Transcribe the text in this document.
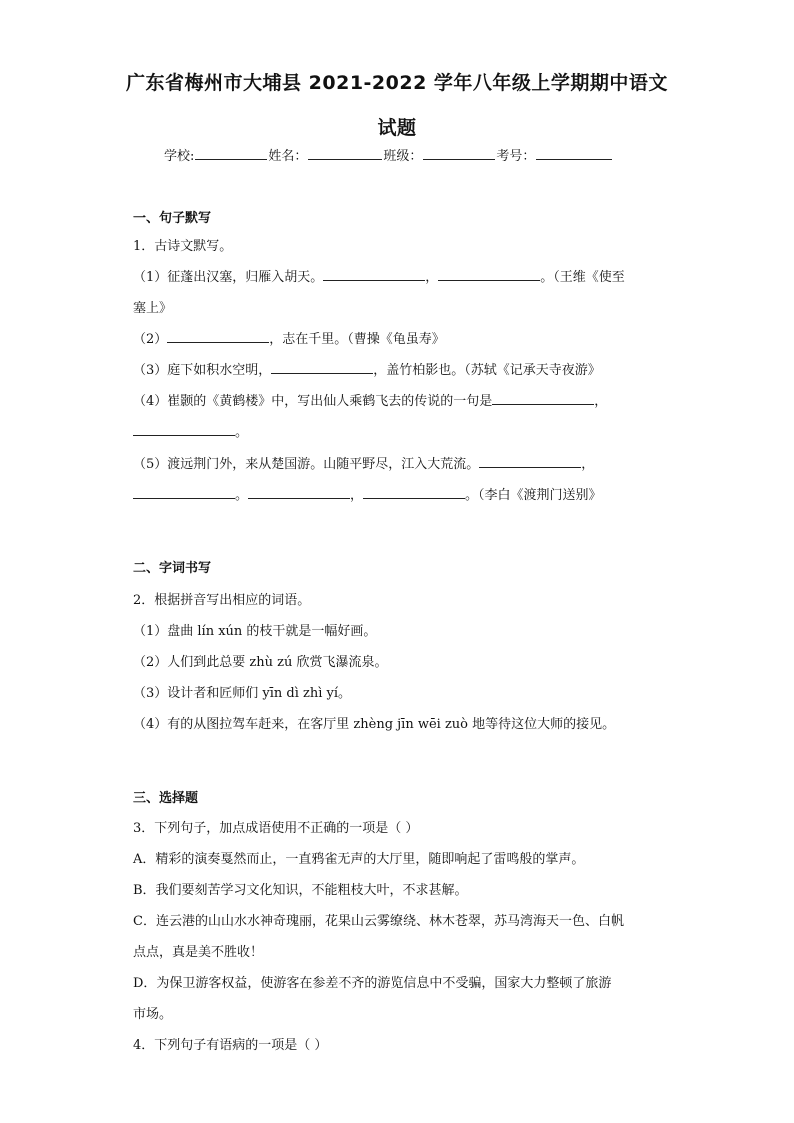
广东省梅州市大埔县 2021-2022 学年八年级上学期期中语文
试题
学校:	姓名：	班级：	考号：
一、句子默写
1．古诗文默写。
（1）征蓬出汉塞，归雁入胡天。	，	。（王维《使至
塞上》
（2）	，志在千里。（曹操《龟虽寿》
（3）庭下如积水空明，	，盖竹柏影也。（苏轼《记承天寺夜游》
（4）崔颢的《黄鹤楼》中，写出仙人乘鹤飞去的传说的一句是	，
。
（5）渡远荆门外，来从楚国游。山随平野尽，江入大荒流。	，
。	，	。（李白《渡荆门送别》
二、字词书写
2．根据拼音写出相应的词语。
（1）盘曲 lín xún 的枝干就是一幅好画。
（2）人们到此总要 zhù zú 欣赏飞瀑流泉。
（3）设计者和匠师们 yīn dì zhì yí。
（4）有的从图拉驾车赶来，在客厅里 zhèng jīn wēi zuò 地等待这位大师的接见。
三、选择题
3．下列句子，加点成语使用不正确的一项是（ ）
A．精彩的演奏戛然而止，一直鸦雀无声的大厅里，随即响起了雷鸣般的掌声。
B．我们要刻苦学习文化知识，不能粗枝大叶，不求甚解。
C．连云港的山山水水神奇瑰丽，花果山云雾缭绕、林木苍翠，苏马湾海天一色、白帆
点点，真是美不胜收！
D．为保卫游客权益，使游客在参差不齐的游览信息中不受骗，国家大力整顿了旅游
市场。
4．下列句子有语病的一项是（ ）
